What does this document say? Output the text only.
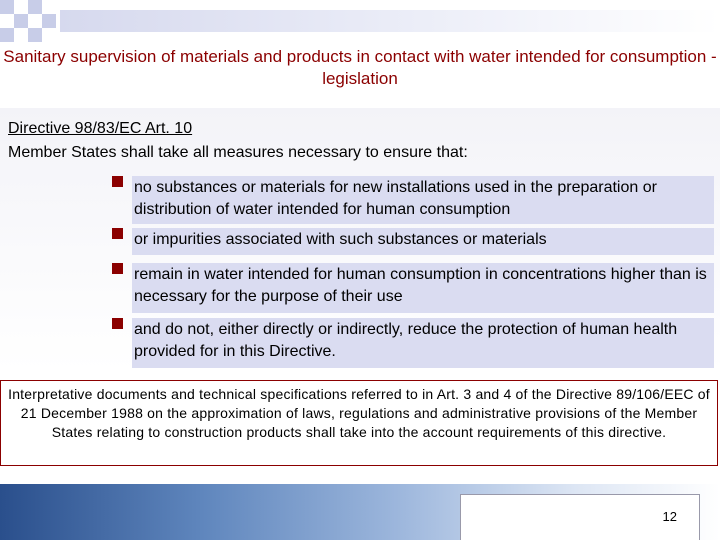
Sanitary supervision of materials and products in contact with water intended for consumption - legislation
Directive 98/83/EC Art. 10
Member States shall take all measures necessary to ensure that:
no substances or materials for new installations used in the preparation or distribution of water intended for human consumption
or impurities associated with such substances or materials
remain in water intended for human consumption in concentrations higher than is necessary for the purpose of their use
and do not, either directly or indirectly, reduce the protection of human health provided for in this Directive.
Interpretative documents and technical specifications referred to in Art. 3 and 4 of the Directive 89/106/EEC of 21 December 1988 on the approximation of laws, regulations and administrative provisions of the Member States relating to construction products shall take into the account requirements of this directive.
12
